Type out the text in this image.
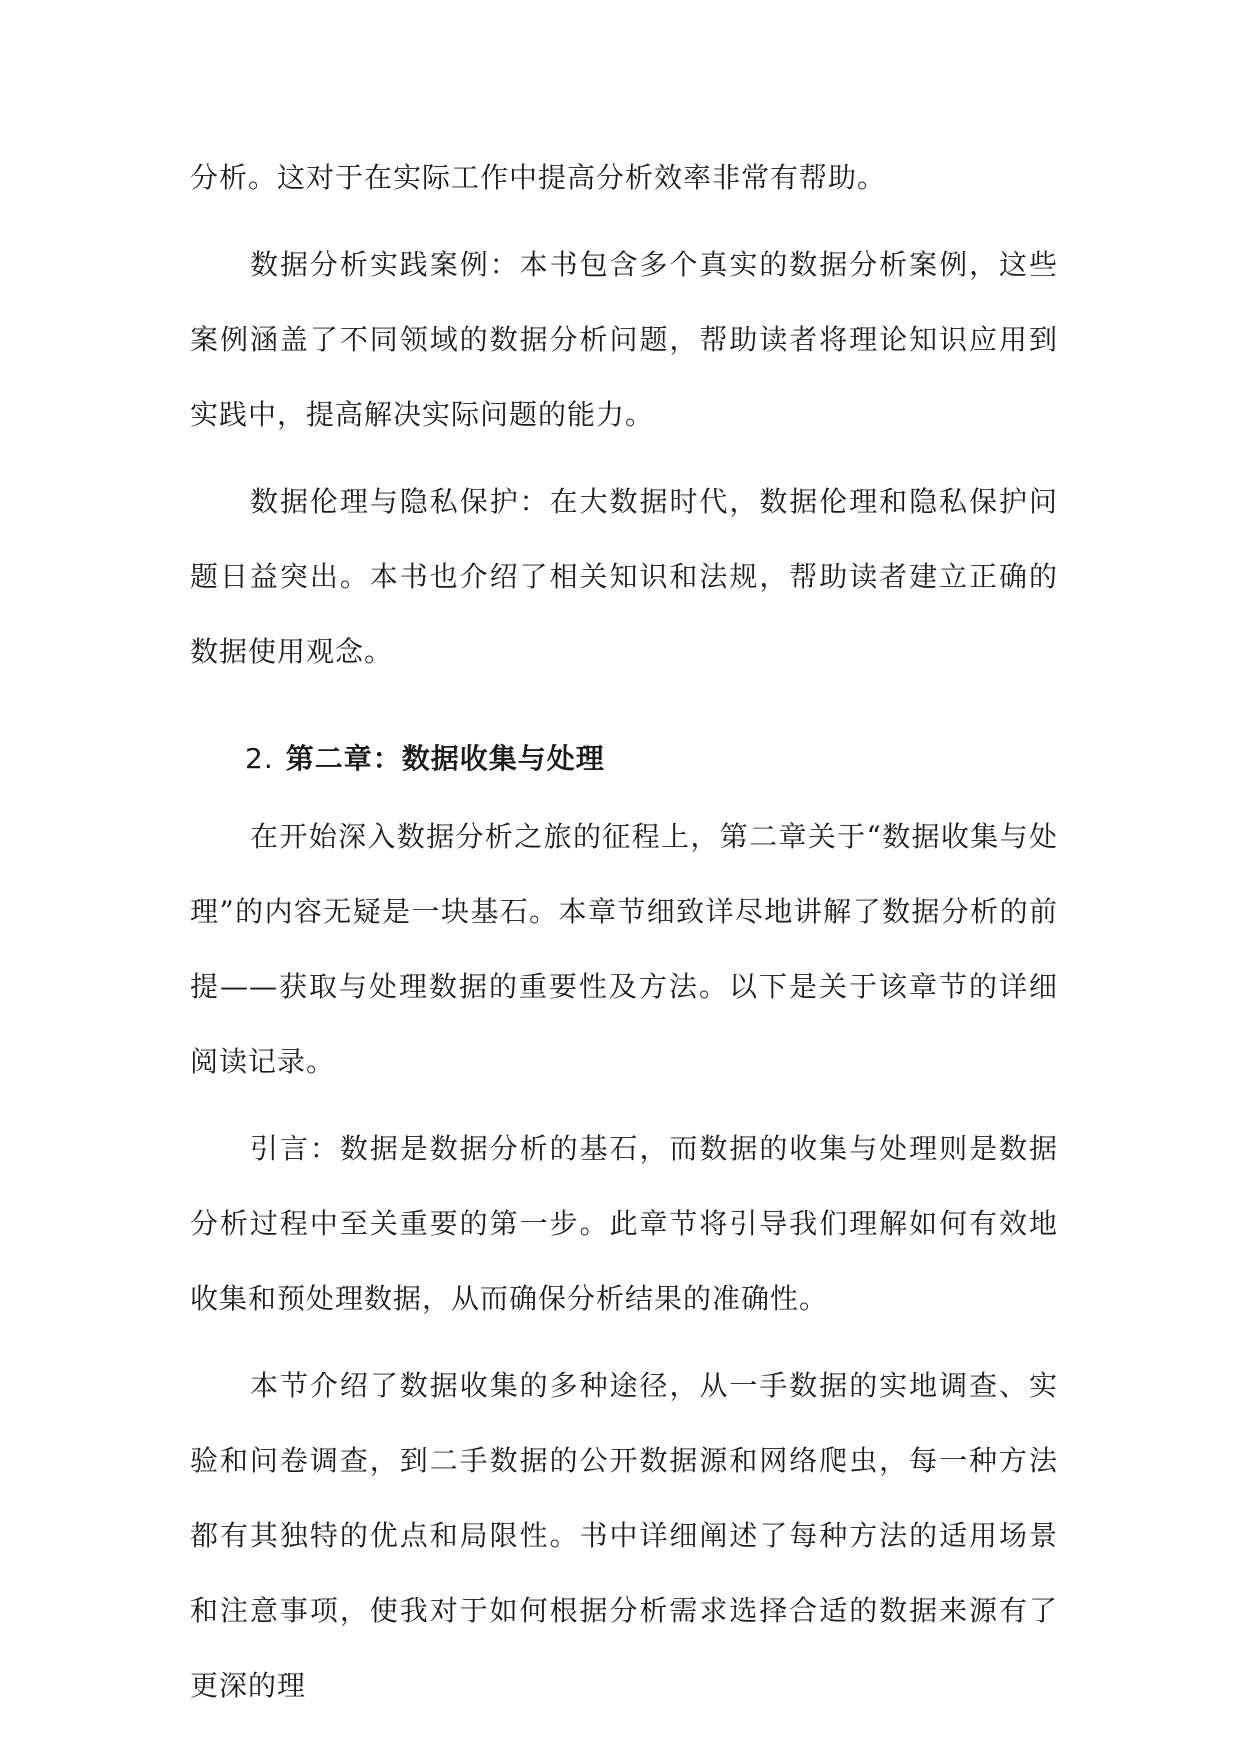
分析。这对于在实际工作中提高分析效率非常有帮助。

数据分析实践案例：本书包含多个真实的数据分析案例，这些案例涵盖了不同领域的数据分析问题，帮助读者将理论知识应用到实践中，提高解决实际问题的能力。

数据伦理与隐私保护：在大数据时代，数据伦理和隐私保护问题日益突出。本书也介绍了相关知识和法规，帮助读者建立正确的数据使用观念。

2. 第二章：数据收集与处理

在开始深入数据分析之旅的征程上，第二章关于“数据收集与处理”的内容无疑是一块基石。本章节细致详尽地讲解了数据分析的前提——获取与处理数据的重要性及方法。以下是关于该章节的详细阅读记录。

引言：数据是数据分析的基石，而数据的收集与处理则是数据分析过程中至关重要的第一步。此章节将引导我们理解如何有效地收集和预处理数据，从而确保分析结果的准确性。

本节介绍了数据收集的多种途径，从一手数据的实地调查、实验和问卷调查，到二手数据的公开数据源和网络爬虫，每一种方法都有其独特的优点和局限性。书中详细阐述了每种方法的适用场景和注意事项，使我对于如何根据分析需求选择合适的数据来源有了更深的理
